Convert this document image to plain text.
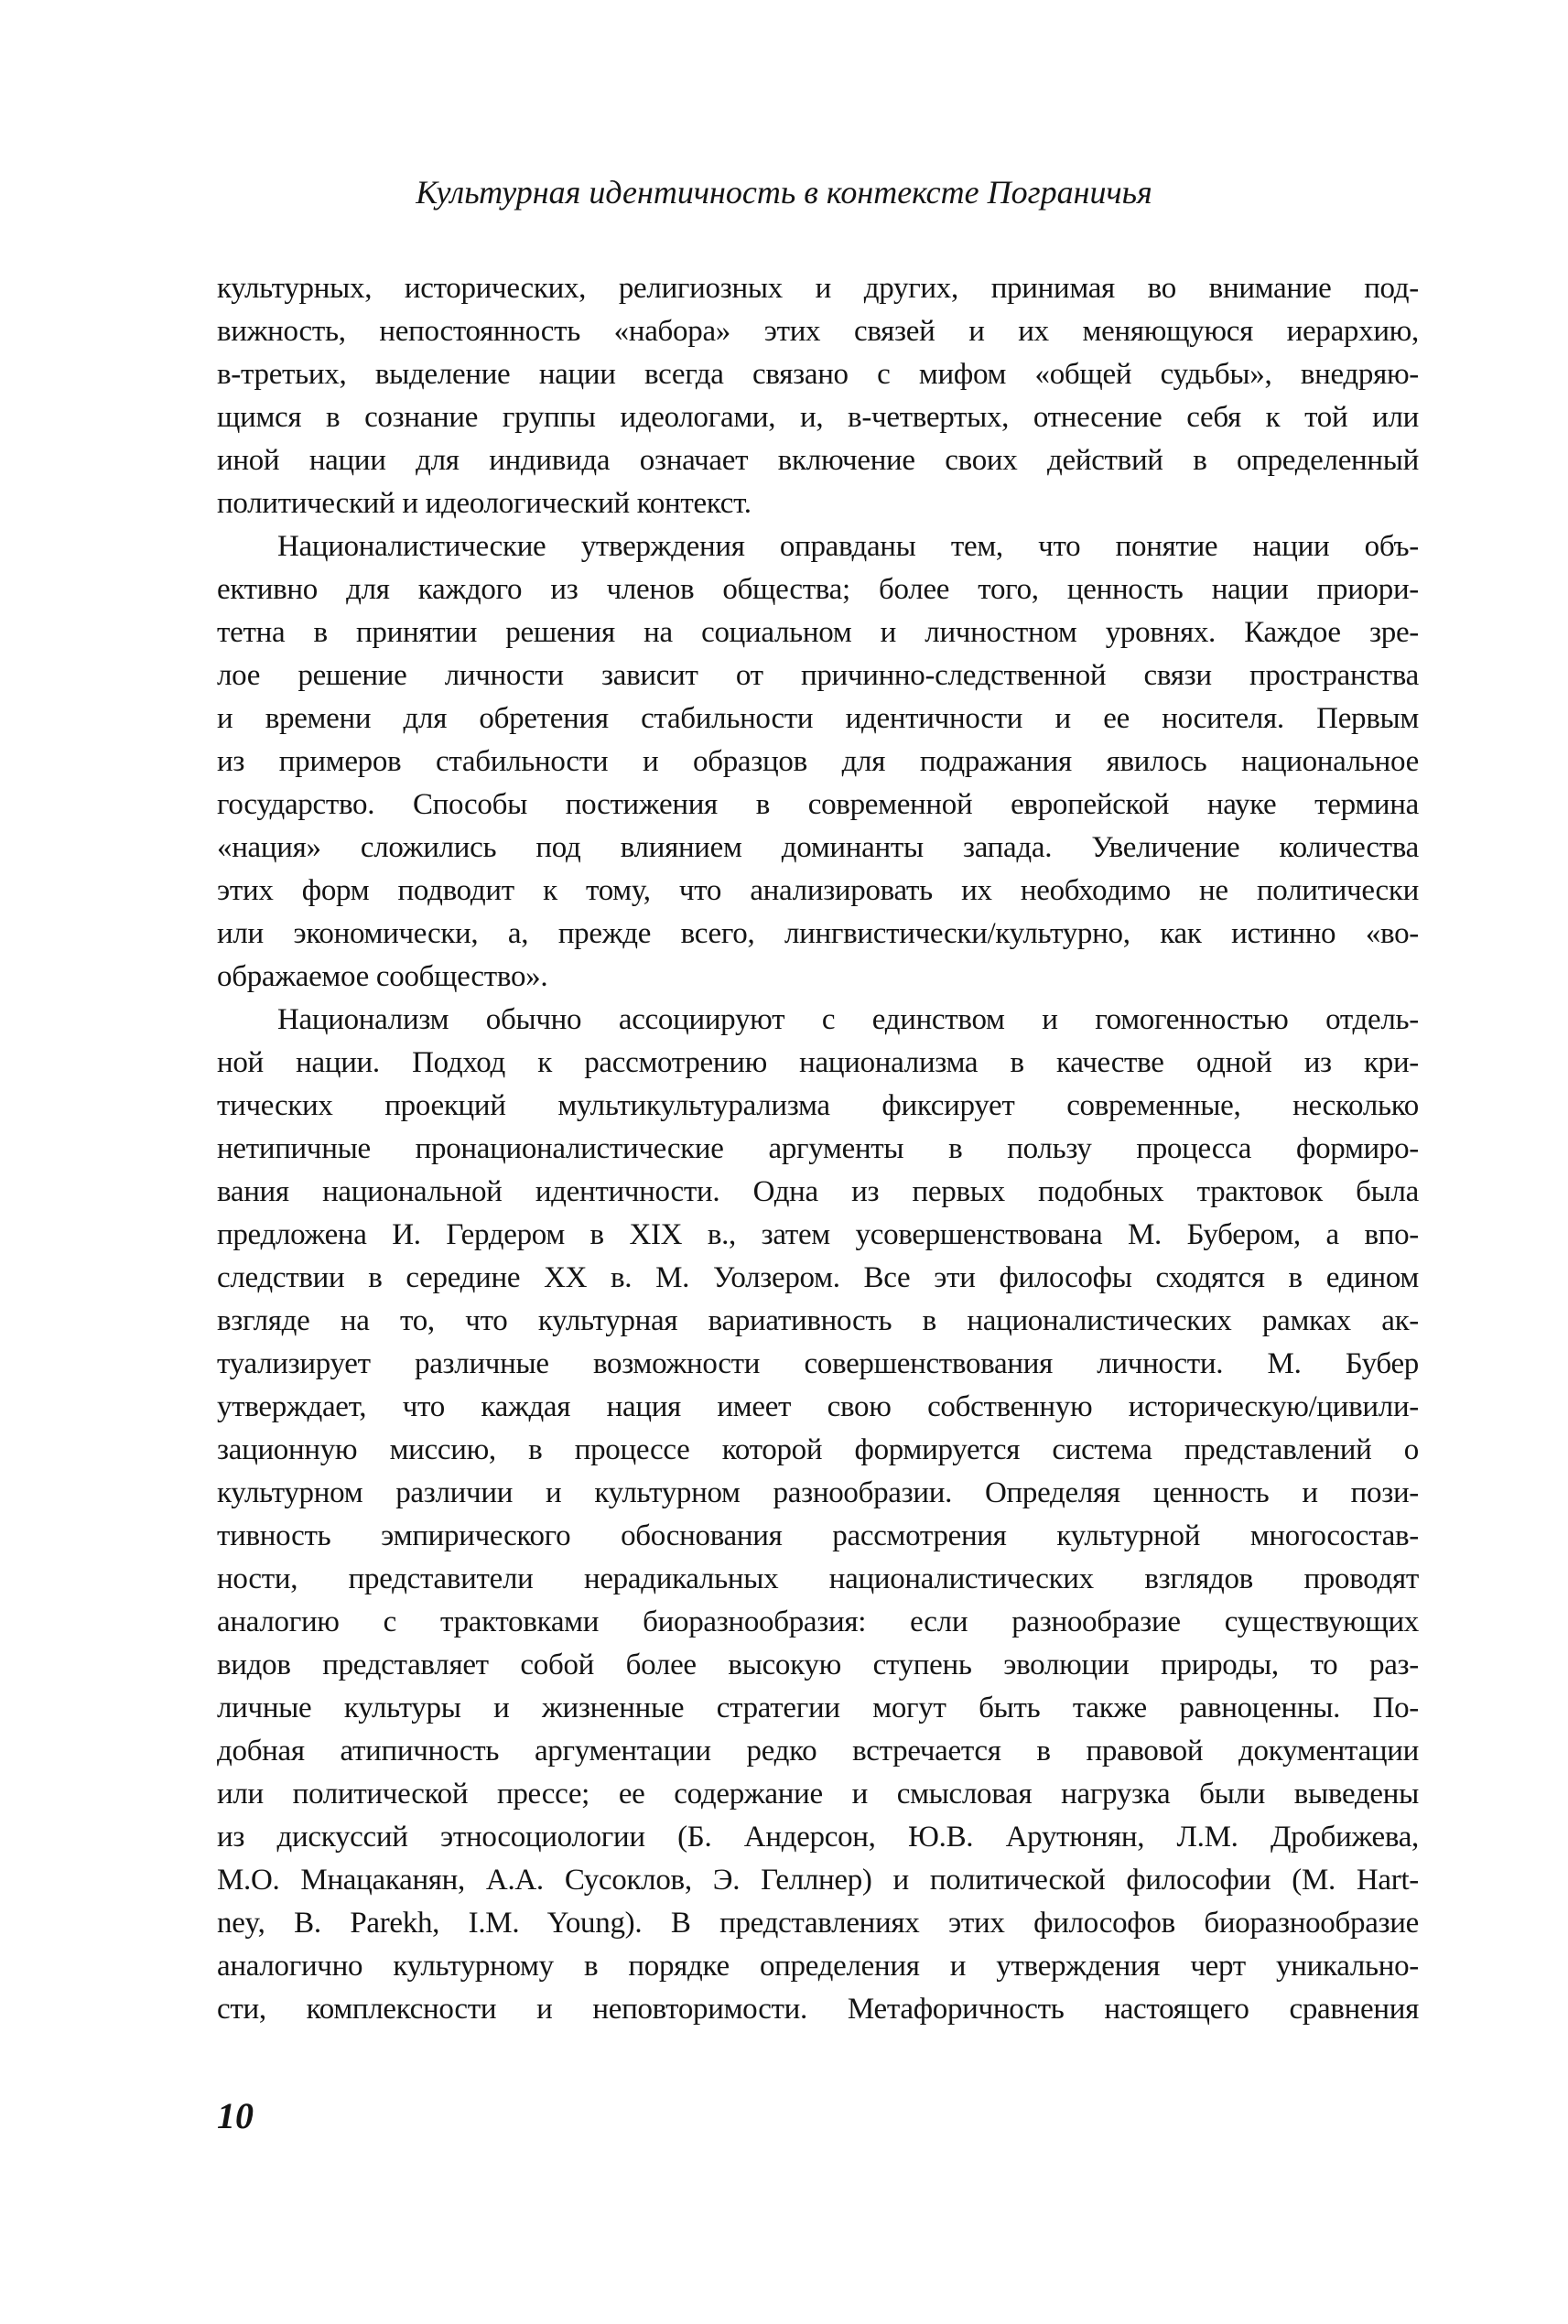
Культурная идентичность в контексте Пограничья
культурных, исторических, религиозных и других, принимая во внимание под-
вижность, непостоянность «набора» этих связей и их меняющуюся иерархию,
в-третьих, выделение нации всегда связано с мифом «общей судьбы», внедряю-
щимся в сознание группы идеологами, и, в-четвертых, отнесение себя к той или
иной нации для индивида означает включение своих действий в определенный
политический и идеологический контекст.
Националистические утверждения оправданы тем, что понятие нации объ-
ективно для каждого из членов общества; более того, ценность нации приори-
тетна в принятии решения на социальном и личностном уровнях. Каждое зре-
лое решение личности зависит от причинно-следственной связи пространства
и времени для обретения стабильности идентичности и ее носителя. Первым
из примеров стабильности и образцов для подражания явилось национальное
государство. Способы постижения в современной европейской науке термина
«нация» сложились под влиянием доминанты запада. Увеличение количества
этих форм подводит к тому, что анализировать их необходимо не политически
или экономически, а, прежде всего, лингвистически/культурно, как истинно «во-
ображаемое сообщество».
Национализм обычно ассоциируют с единством и гомогенностью отдель-
ной нации. Подход к рассмотрению национализма в качестве одной из кри-
тических проекций мультикультурализма фиксирует современные, несколько
нетипичные пронационалистические аргументы в пользу процесса формиро-
вания национальной идентичности. Одна из первых подобных трактовок была
предложена И. Гердером в XIX в., затем усовершенствована М. Бубером, а впо-
следствии в середине XX в. М. Уолзером. Все эти философы сходятся в едином
взгляде на то, что культурная вариативность в националистических рамках ак-
туализирует различные возможности совершенствования личности. М. Бубер
утверждает, что каждая нация имеет свою собственную историческую/цивили-
зационную миссию, в процессе которой формируется система представлений о
культурном различии и культурном разнообразии. Определяя ценность и пози-
тивность эмпирического обоснования рассмотрения культурной многосостав-
ности, представители нерадикальных националистических взглядов проводят
аналогию с трактовками биоразнообразия: если разнообразие существующих
видов представляет собой более высокую ступень эволюции природы, то раз-
личные культуры и жизненные стратегии могут быть также равноценны. По-
добная атипичность аргументации редко встречается в правовой документации
или политической прессе; ее содержание и смысловая нагрузка были выведены
из дискуссий этносоциологии (Б. Андерсон, Ю.В. Арутюнян, Л.М. Дробижева,
М.О. Мнацаканян, А.А. Сусоклов, Э. Геллнер) и политической философии (M. Hart-
ney, B. Parekh, I.M. Young). В представлениях этих философов биоразнообразие
аналогично культурному в порядке определения и утверждения черт уникально-
сти, комплексности и неповторимости. Метафоричность настоящего сравнения
10
